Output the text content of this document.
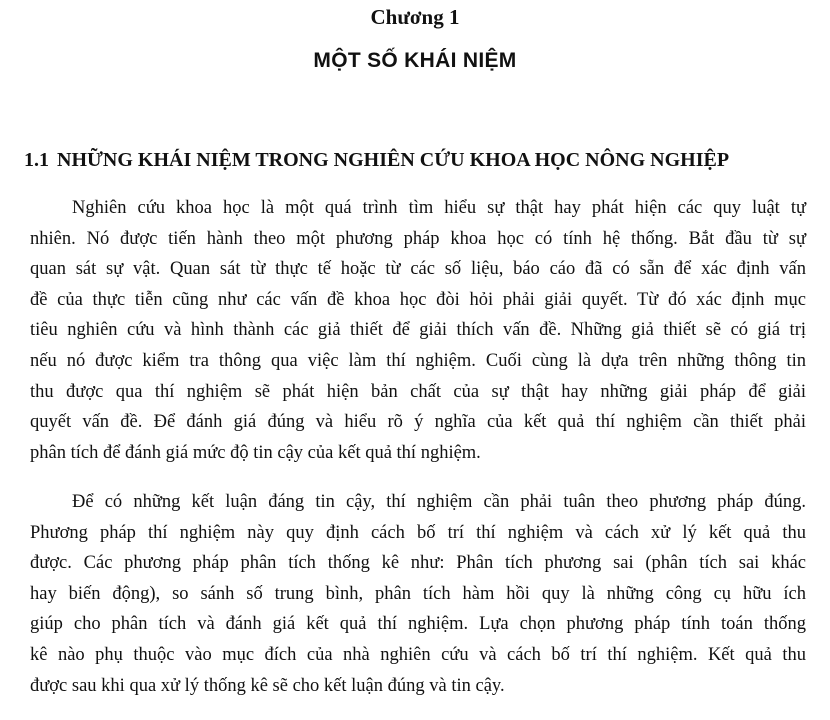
Chương 1
MỘT SỐ KHÁI NIỆM
1.1 NHỮNG KHÁI NIỆM TRONG NGHIÊN CỨU KHOA HỌC NÔNG NGHIỆP
Nghiên cứu khoa học là một quá trình tìm hiểu sự thật hay phát hiện các quy luật tự
nhiên. Nó được tiến hành theo một phương pháp khoa học có tính hệ thống. Bắt đầu từ sự
quan sát sự vật. Quan sát từ thực tế hoặc từ các số liệu, báo cáo đã có sẵn để xác định vấn
đề của thực tiễn cũng như các vấn đề khoa học đòi hỏi phải giải quyết. Từ đó xác định mục
tiêu nghiên cứu và hình thành các giả thiết để giải thích vấn đề. Những giả thiết sẽ có giá trị
nếu nó được kiểm tra thông qua việc làm thí nghiệm. Cuối cùng là dựa trên những thông tin
thu được qua thí nghiệm sẽ phát hiện bản chất của sự thật hay những giải pháp để giải
quyết vấn đề. Để đánh giá đúng và hiểu rõ ý nghĩa của kết quả thí nghiệm cần thiết phải
phân tích để đánh giá mức độ tin cậy của kết quả thí nghiệm.
Để có những kết luận đáng tin cậy, thí nghiệm cần phải tuân theo phương pháp đúng.
Phương pháp thí nghiệm này quy định cách bố trí thí nghiệm và cách xử lý kết quả thu
được. Các phương pháp phân tích thống kê như: Phân tích phương sai (phân tích sai khác
hay biến động), so sánh số trung bình, phân tích hàm hồi quy là những công cụ hữu ích
giúp cho phân tích và đánh giá kết quả thí nghiệm. Lựa chọn phương pháp tính toán thống
kê nào phụ thuộc vào mục đích của nhà nghiên cứu và cách bố trí thí nghiệm. Kết quả thu
được sau khi qua xử lý thống kê sẽ cho kết luận đúng và tin cậy.
